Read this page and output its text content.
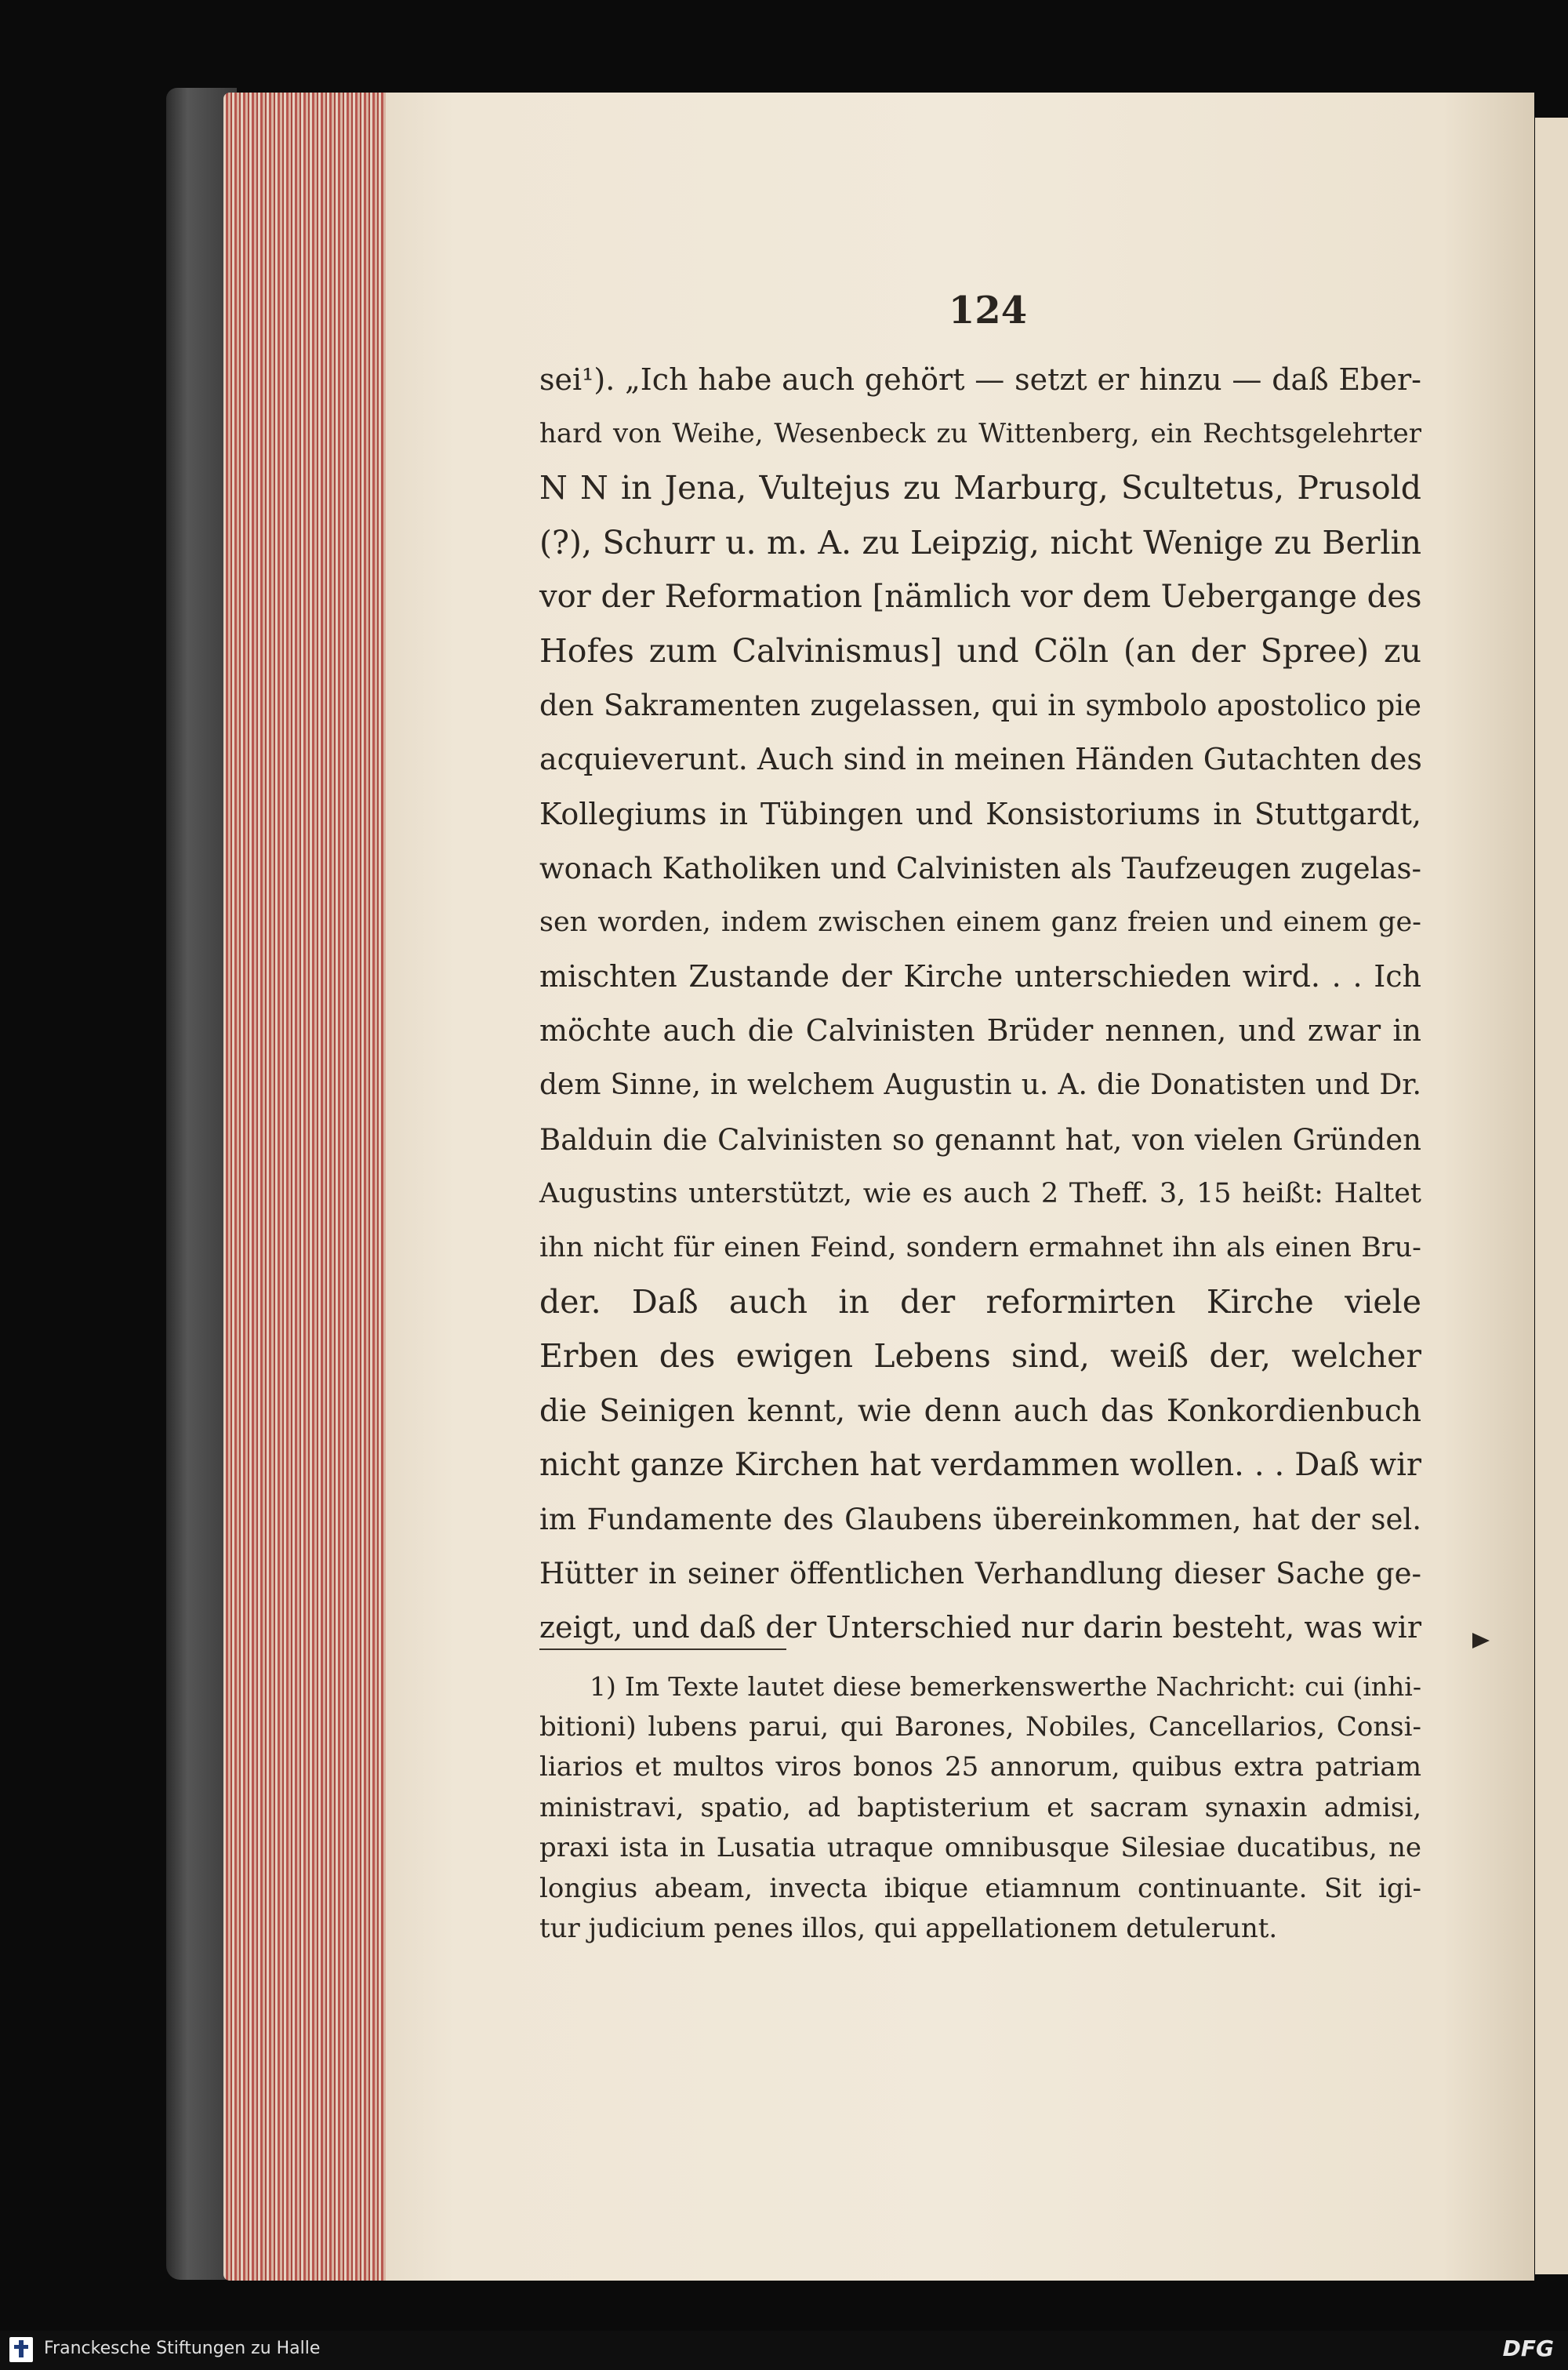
124
sei¹). „Ich habe auch gehört — setzt er hinzu — daß Eber-
hard von Weihe, Wesenbeck zu Wittenberg, ein Rechtsgelehrter
N N in Jena, Vultejus zu Marburg, Scultetus, Prusold
(?), Schurr u. m. A. zu Leipzig, nicht Wenige zu Berlin
vor der Reformation [nämlich vor dem Uebergange des
Hofes zum Calvinismus] und Cöln (an der Spree) zu
den Sakramenten zugelassen, qui in symbolo apostolico pie
acquieverunt. Auch sind in meinen Händen Gutachten des
Kollegiums in Tübingen und Konsistoriums in Stuttgardt,
wonach Katholiken und Calvinisten als Taufzeugen zugelas-
sen worden, indem zwischen einem ganz freien und einem ge-
mischten Zustande der Kirche unterschieden wird. . . Ich
möchte auch die Calvinisten Brüder nennen, und zwar in
dem Sinne, in welchem Augustin u. A. die Donatisten und Dr.
Balduin die Calvinisten so genannt hat, von vielen Gründen
Augustins unterstützt, wie es auch 2 Theff. 3, 15 heißt: Haltet
ihn nicht für einen Feind, sondern ermahnet ihn als einen Bru-
der. Daß auch in der reformirten Kirche viele
Erben des ewigen Lebens sind, weiß der, welcher
die Seinigen kennt, wie denn auch das Konkordienbuch
nicht ganze Kirchen hat verdammen wollen. . . Daß wir
im Fundamente des Glaubens übereinkommen, hat der sel.
Hütter in seiner öffentlichen Verhandlung dieser Sache ge-
zeigt, und daß der Unterschied nur darin besteht, was wir
1) Im Texte lautet diese bemerkenswerthe Nachricht: cui (inhi-
bitioni) lubens parui, qui Barones, Nobiles, Cancellarios, Consi-
liarios et multos viros bonos 25 annorum, quibus extra patriam
ministravi, spatio, ad baptisterium et sacram synaxin admisi,
praxi ista in Lusatia utraque omnibusque Silesiae ducatibus, ne
longius abeam, invecta ibique etiamnum continuante. Sit igi-
tur judicium penes illos, qui appellationem detulerunt.
Franckesche Stiftungen zu Halle	DFG
